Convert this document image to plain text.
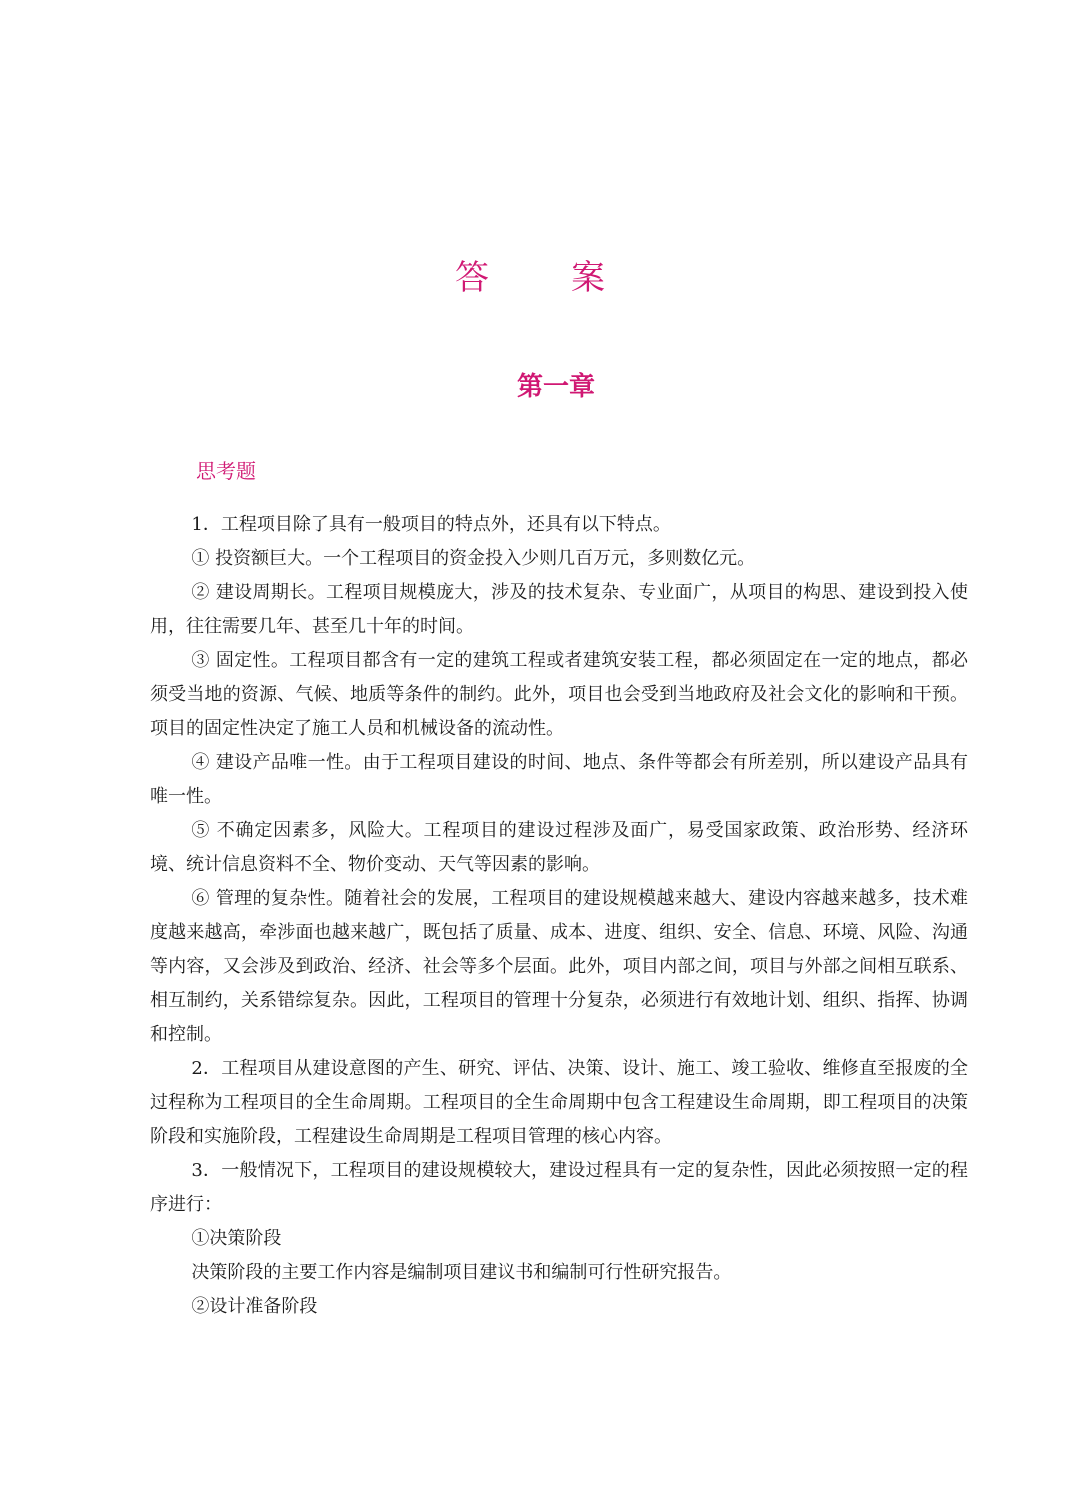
答　案
第一章
思考题

1．工程项目除了具有一般项目的特点外，还具有以下特点。

① 投资额巨大。一个工程项目的资金投入少则几百万元，多则数亿元。

② 建设周期长。工程项目规模庞大，涉及的技术复杂、专业面广，从项目的构思、建设到投入使用，往往需要几年、甚至几十年的时间。

③ 固定性。工程项目都含有一定的建筑工程或者建筑安装工程，都必须固定在一定的地点，都必须受当地的资源、气候、地质等条件的制约。此外，项目也会受到当地政府及社会文化的影响和干预。项目的固定性决定了施工人员和机械设备的流动性。

④ 建设产品唯一性。由于工程项目建设的时间、地点、条件等都会有所差别，所以建设产品具有唯一性。

⑤ 不确定因素多，风险大。工程项目的建设过程涉及面广，易受国家政策、政治形势、经济环境、统计信息资料不全、物价变动、天气等因素的影响。

⑥ 管理的复杂性。随着社会的发展，工程项目的建设规模越来越大、建设内容越来越多，技术难度越来越高，牵涉面也越来越广，既包括了质量、成本、进度、组织、安全、信息、环境、风险、沟通等内容，又会涉及到政治、经济、社会等多个层面。此外，项目内部之间，项目与外部之间相互联系、相互制约，关系错综复杂。因此，工程项目的管理十分复杂，必须进行有效地计划、组织、指挥、协调和控制。

2．工程项目从建设意图的产生、研究、评估、决策、设计、施工、竣工验收、维修直至报废的全过程称为工程项目的全生命周期。工程项目的全生命周期中包含工程建设生命周期，即工程项目的决策阶段和实施阶段，工程建设生命周期是工程项目管理的核心内容。

3．一般情况下，工程项目的建设规模较大，建设过程具有一定的复杂性，因此必须按照一定的程序进行：

①决策阶段

决策阶段的主要工作内容是编制项目建议书和编制可行性研究报告。

②设计准备阶段
